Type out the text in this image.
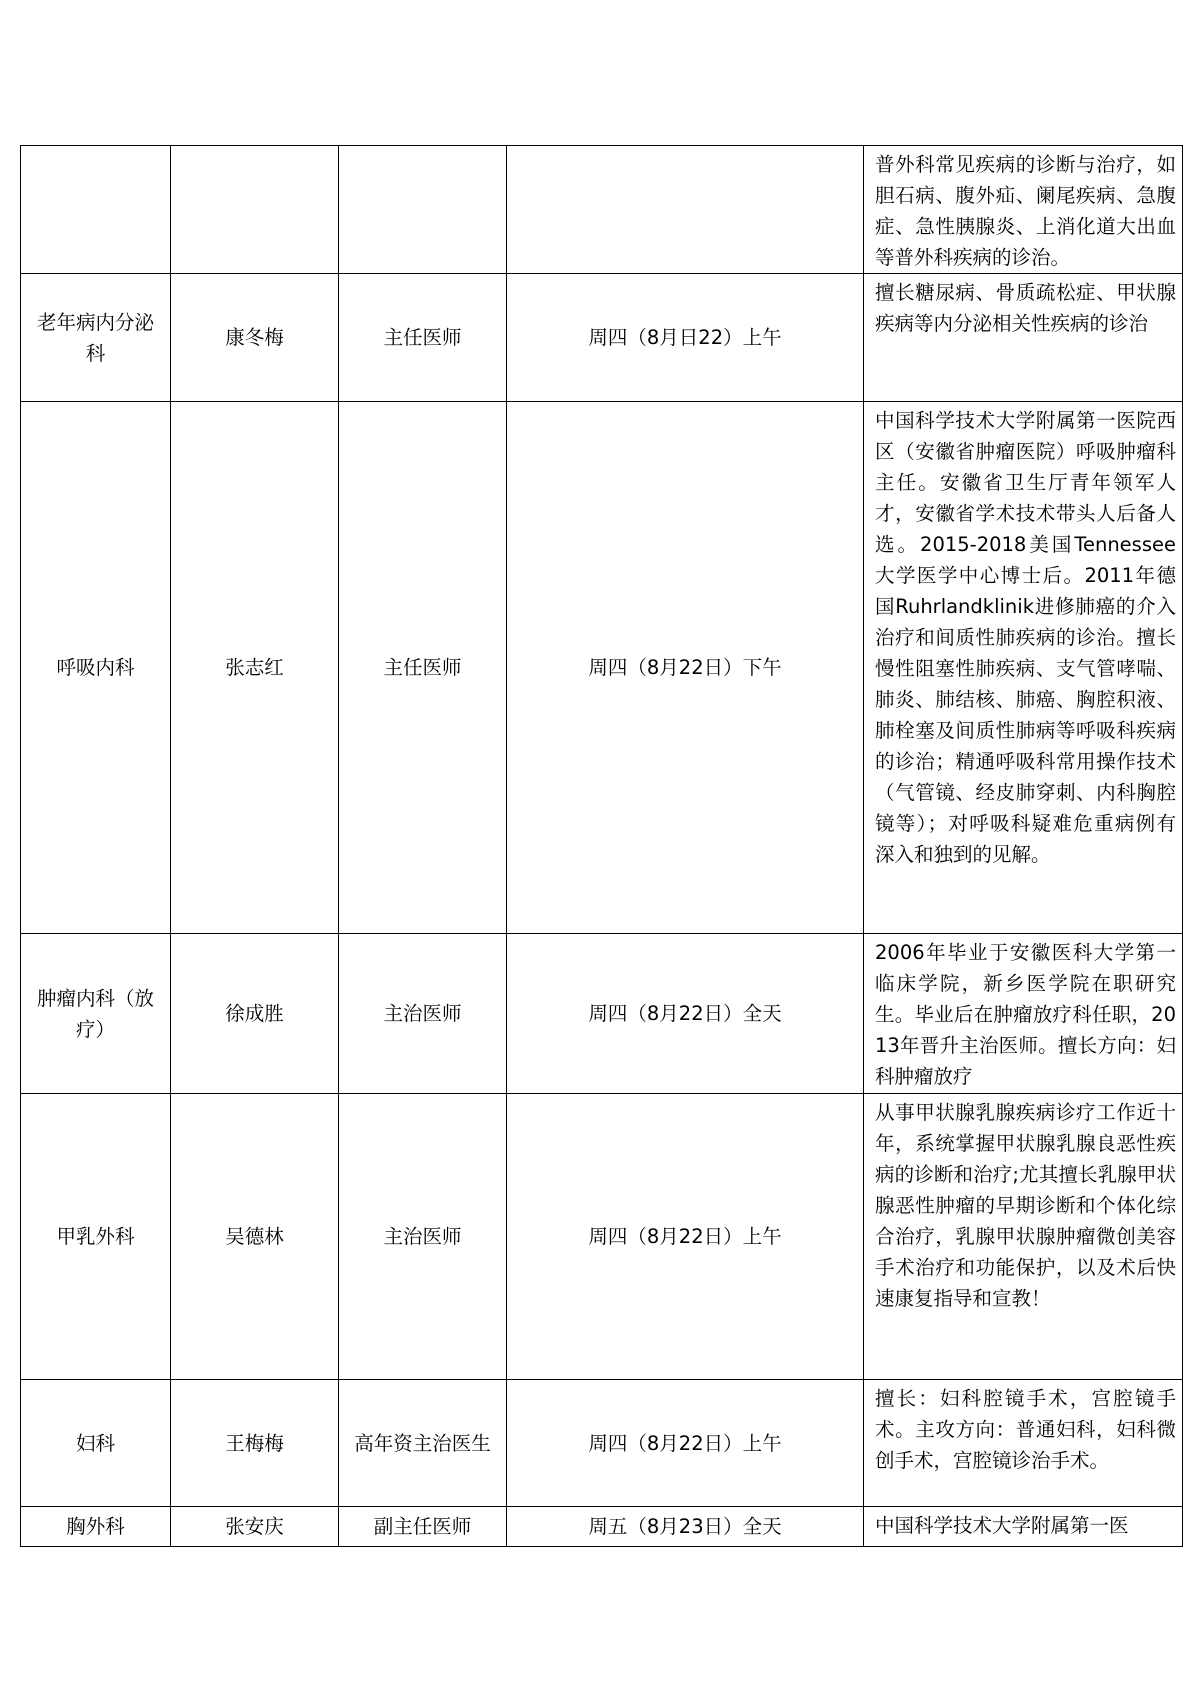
				普外科常见疾病的诊断与治疗，如胆石病、腹外疝、阑尾疾病、急腹症、急性胰腺炎、上消化道大出血等普外科疾病的诊治。
老年病内分泌科	康冬梅	主任医师	周四（8月日22）上午	擅长糖尿病、骨质疏松症、甲状腺疾病等内分泌相关性疾病的诊治
呼吸内科	张志红	主任医师	周四（8月22日）下午	中国科学技术大学附属第一医院西区（安徽省肿瘤医院）呼吸肿瘤科主任。安徽省卫生厅青年领军人才，安徽省学术技术带头人后备人选。2015-2018美国Tennessee大学医学中心博士后。2011年德国Ruhrlandklinik进修肺癌的介入治疗和间质性肺疾病的诊治。擅长慢性阻塞性肺疾病、支气管哮喘、肺炎、肺结核、肺癌、胸腔积液、肺栓塞及间质性肺病等呼吸科疾病的诊治；精通呼吸科常用操作技术（气管镜、经皮肺穿刺、内科胸腔镜等）；对呼吸科疑难危重病例有深入和独到的见解。
肿瘤内科（放疗）	徐成胜	主治医师	周四（8月22日）全天	2006年毕业于安徽医科大学第一临床学院，新乡医学院在职研究生。毕业后在肿瘤放疗科任职，2013年晋升主治医师。擅长方向：妇科肿瘤放疗
甲乳外科	吴德林	主治医师	周四（8月22日）上午	从事甲状腺乳腺疾病诊疗工作近十年，系统掌握甲状腺乳腺良恶性疾病的诊断和治疗;尤其擅长乳腺甲状腺恶性肿瘤的早期诊断和个体化综合治疗，乳腺甲状腺肿瘤微创美容手术治疗和功能保护，以及术后快速康复指导和宣教！
妇科	王梅梅	高年资主治医生	周四（8月22日）上午	擅长：妇科腔镜手术，宫腔镜手术。主攻方向：普通妇科，妇科微创手术，宫腔镜诊治手术。
胸外科	张安庆	副主任医师	周五（8月23日）全天	中国科学技术大学附属第一医
